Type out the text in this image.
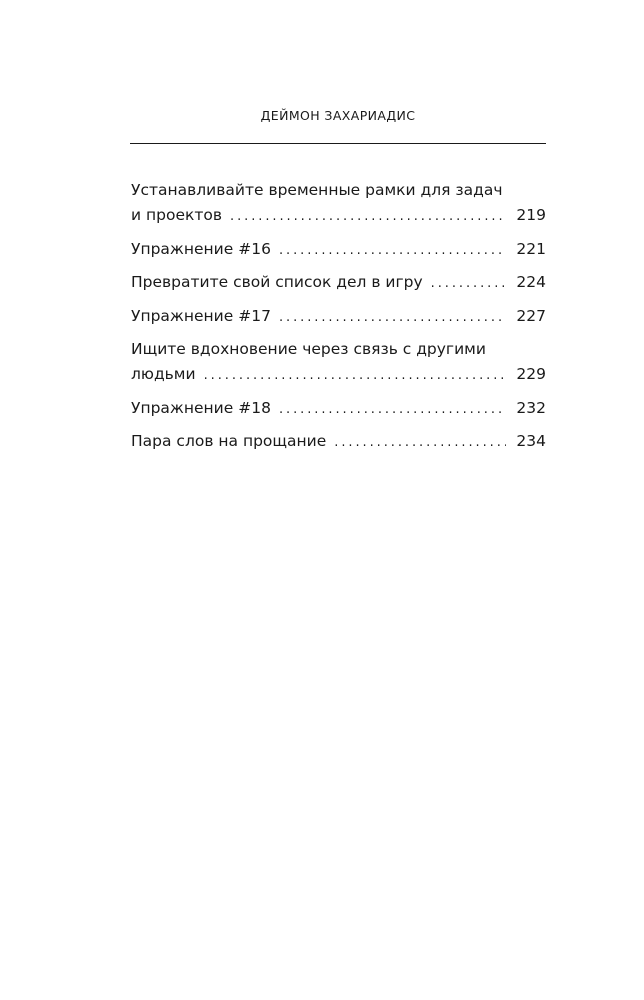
ДЕЙМОН ЗАХАРИАДИС
Устанавливайте временные рамки для задач
и проектов . . .	219
Упражнение #16 . . .	221
Превратите свой список дел в игру . . .	224
Упражнение #17 . . .	227
Ищите вдохновение через связь с другими
людьми . . .	229
Упражнение #18 . . .	232
Пара слов на прощание . . .	234
